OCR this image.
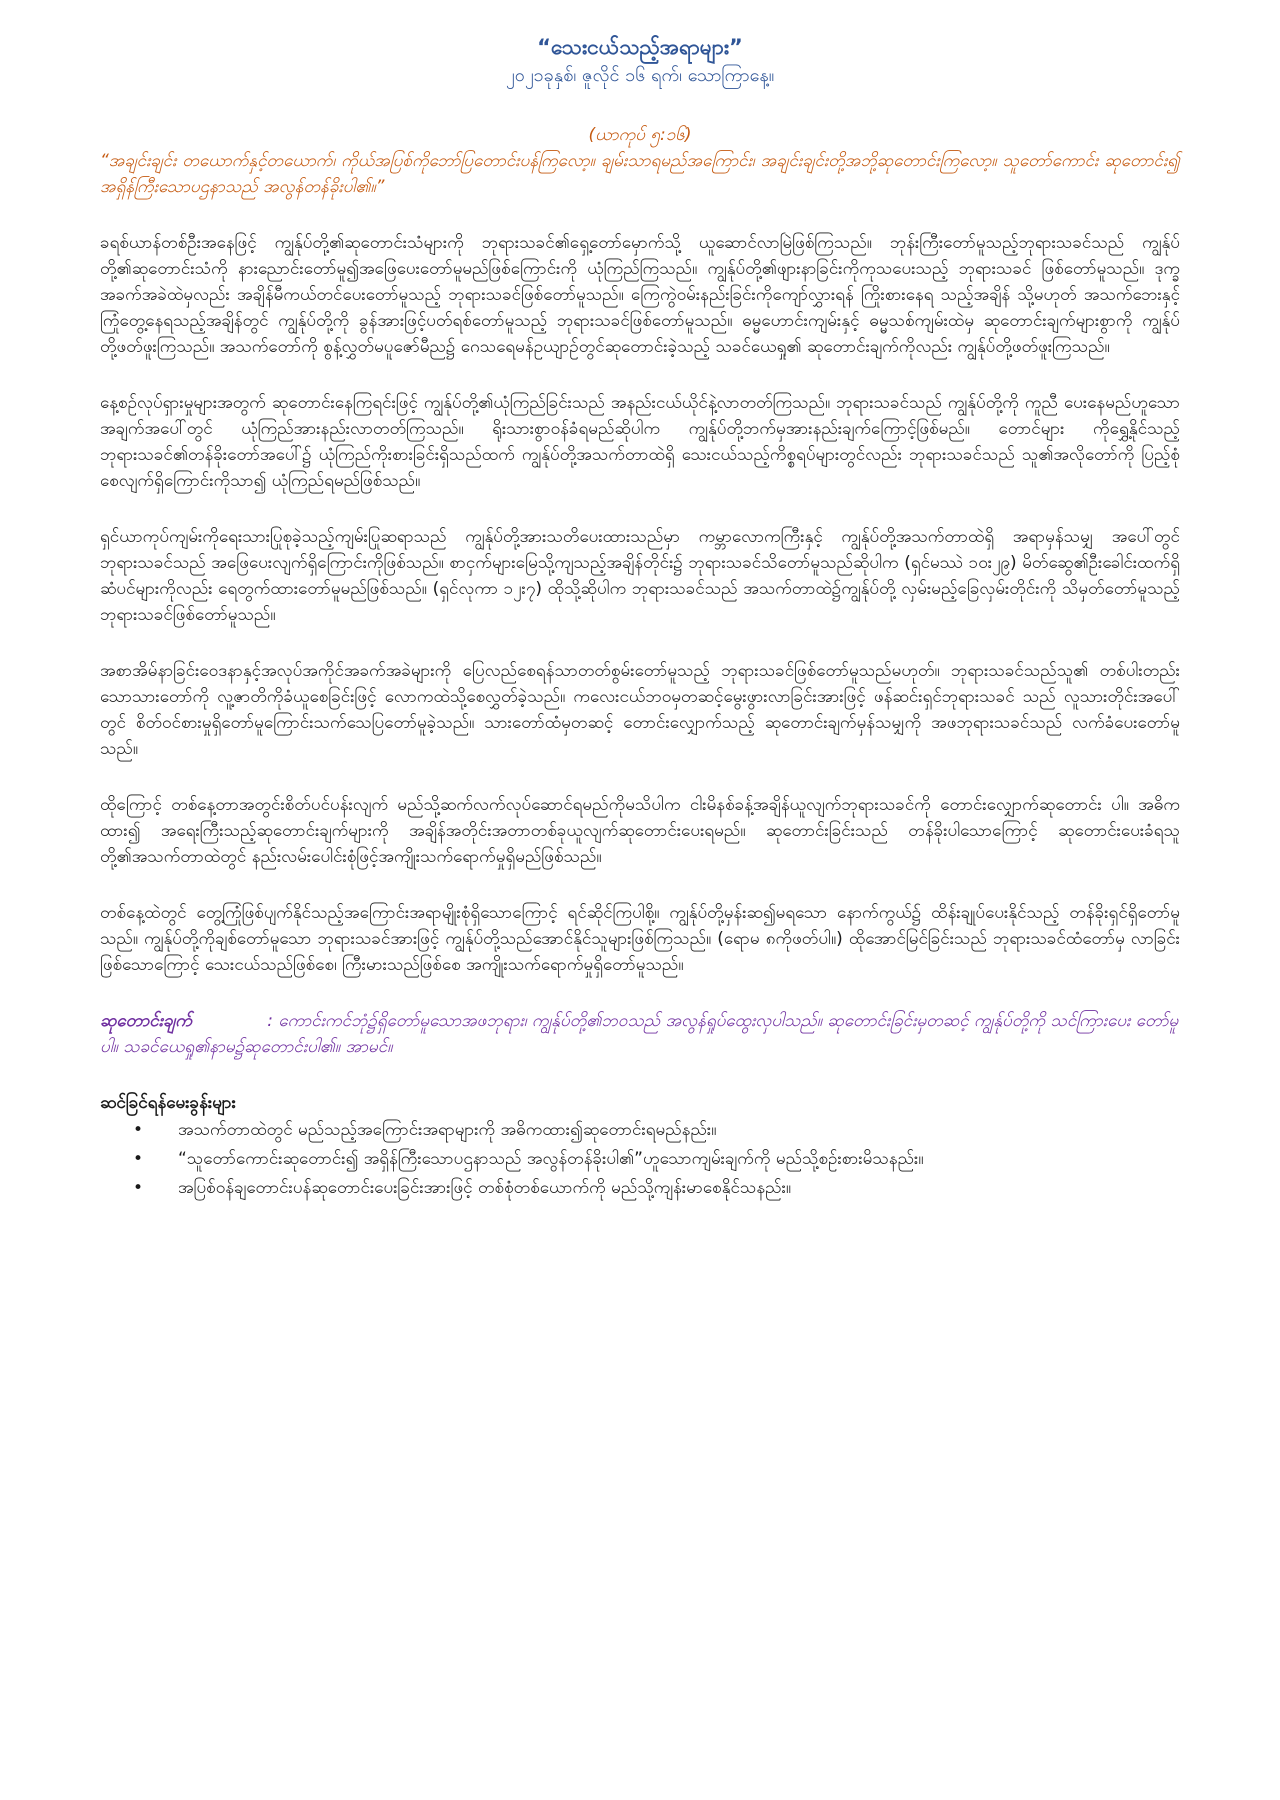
“သေးငယ်သည့်အရာများ”

၂၀၂၁ခုနှစ်၊ ဇူလိုင် ၁၆ ရက်၊ သောကြာနေ့။

(ယာကုပ် ၅:၁၆)

“အချင်းချင်း တယောက်နှင့်တယောက်၊ ကိုယ်အပြစ်ကိုဘော်ပြတောင်းပန်ကြလော့။ ချမ်းသာရမည်အကြောင်း၊ အချင်းချင်းတို့အဘို့ဆုတောင်းကြလော့။ သူတော်ကောင်း ဆုတောင်း၍ အရှိန်ကြီးသောပဌနာသည် အလွန်တန်ခိုးပါ၏။”

ခရစ်ယာန်တစ်ဦးအနေဖြင့် ကျွန်ုပ်တို့၏ဆုတောင်းသံများကို ဘုရားသခင်၏ရှေ့တော်မှောက်သို့ ယူဆောင်လာမြဲဖြစ်ကြသည်။ ဘုန်းကြီးတော်မူသည့်ဘုရားသခင်သည် ကျွန်ုပ်တို့၏ဆုတောင်းသံကို နားညောင်းတော်မူ၍အဖြေပေးတော်မူမည်ဖြစ်ကြောင်းကို ယုံကြည်ကြသည်။ ကျွန်ုပ်တို့၏ဖျားနာခြင်းကိုကုသပေးသည့် ဘုရားသခင် ဖြစ်တော်မူသည်။ ဒုက္ခအခက်အခဲထဲမှလည်း အချိန်မီကယ်တင်ပေးတော်မူသည့် ဘုရားသခင်ဖြစ်တော်မူသည်။ ကြေကွဲဝမ်းနည်းခြင်းကိုကျော်လွှားရန် ကြိုးစားနေရ သည့်အချိန် သို့မဟုတ် အသက်ဘေးနှင့်ကြုံတွေ့နေရသည့်အချိန်တွင် ကျွန်ုပ်တို့ကို ခွန်အားဖြင့်ပတ်ရစ်တော်မူသည့် ဘုရားသခင်ဖြစ်တော်မူသည်။ ဓမ္မဟောင်းကျမ်းနှင့် ဓမ္မသစ်ကျမ်းထဲမှ ဆုတောင်းချက်များစွာကို ကျွန်ုပ်တို့ဖတ်ဖူးကြသည်။ အသက်တော်ကို စွန့်လွှတ်မပူဇော်မီည၌ ဂေသရေမန်ဥယျာဉ်တွင်ဆုတောင်းခဲ့သည့် သခင်ယေရှု၏ ဆုတောင်းချက်ကိုလည်း ကျွန်ုပ်တို့ဖတ်ဖူးကြသည်။

နေ့စဉ်လုပ်ရှားမှုများအတွက် ဆုတောင်းနေကြရင်းဖြင့် ကျွန်ုပ်တို့၏ယုံကြည်ခြင်းသည် အနည်းငယ်ယိုင်နဲ့လာတတ်ကြသည်။ ဘုရားသခင်သည် ကျွန်ုပ်တို့ကို ကူညီ ပေးနေမည်ဟူသောအချက်အပေါ်တွင် ယုံကြည်အားနည်းလာတတ်ကြသည်။ ရိုးသားစွာဝန်ခံရမည်ဆိုပါက ကျွန်ုပ်တို့ဘက်မှအားနည်းချက်ကြောင့်ဖြစ်မည်။ တောင်များ ကိုရွှေ့နိုင်သည့် ဘုရားသခင်၏တန်ခိုးတော်အပေါ်၌ ယုံကြည်ကိုးစားခြင်းရှိသည်ထက် ကျွန်ုပ်တို့အသက်တာထဲရှိ သေးငယ်သည့်ကိစ္စရပ်များတွင်လည်း ဘုရားသခင်သည် သူ၏အလိုတော်ကို ပြည့်စုံစေလျက်ရှိကြောင်းကိုသာ၍ ယုံကြည်ရမည်ဖြစ်သည်။

ရှင်ယာကုပ်ကျမ်းကိုရေးသားပြုစုခဲ့သည့်ကျမ်းပြုဆရာသည် ကျွန်ုပ်တို့အားသတိပေးထားသည်မှာ ကမ္ဘာလောကကြီးနှင့် ကျွန်ုပ်တို့အသက်တာထဲရှိ အရာမှန်သမျှ အပေါ်တွင် ဘုရားသခင်သည် အဖြေပေးလျက်ရှိကြောင်းကိုဖြစ်သည်။ စာငှက်များမြေသို့ကျသည့်အချိန်တိုင်း၌ ဘုရားသခင်သိတော်မူသည်ဆိုပါက (ရှင်မဿဲ ၁၀း၂၉) မိတ်ဆွေ၏ဦးခေါင်းထက်ရှိဆံပင်များကိုလည်း ရေတွက်ထားတော်မူမည်ဖြစ်သည်။ (ရှင်လုကာ ၁၂း၇) ထိုသို့ဆိုပါက ဘုရားသခင်သည် အသက်တာထဲ၌ကျွန်ုပ်တို့ လှမ်းမည့်ခြေလှမ်းတိုင်းကို သိမှတ်တော်မူသည့်ဘုရားသခင်ဖြစ်တော်မူသည်။

အစာအိမ်နာခြင်းဝေဒနာနှင့်အလုပ်အကိုင်အခက်အခဲများကို ပြေလည်စေရန်သာတတ်စွမ်းတော်မူသည့် ဘုရားသခင်ဖြစ်တော်မူသည်မဟုတ်။ ဘုရားသခင်သည်သူ၏ တစ်ပါးတည်းသောသားတော်ကို လူ့ဇာတိကိုခံယူစေခြင်းဖြင့် လောကထဲသို့စေလွှတ်ခဲ့သည်။ ကလေးငယ်ဘဝမှတဆင့်မွေးဖွားလာခြင်းအားဖြင့် ဖန်ဆင်းရှင်ဘုရားသခင် သည် လူသားတိုင်းအပေါ်တွင် စိတ်ဝင်စားမှုရှိတော်မူကြောင်းသက်သေပြတော်မူခဲ့သည်။ သားတော်ထံမှတဆင့် တောင်းလျှောက်သည့် ဆုတောင်းချက်မှန်သမျှကို အဖဘုရားသခင်သည် လက်ခံပေးတော်မူသည်။

ထိုကြောင့် တစ်နေ့တာအတွင်းစိတ်ပင်ပန်းလျက် မည်သို့ဆက်လက်လုပ်ဆောင်ရမည်ကိုမသိပါက ငါးမိနစ်ခန့်အချိန်ယူလျက်ဘုရားသခင်ကို တောင်းလျှောက်ဆုတောင်း ပါ။ အဓိကထား၍ အရေးကြီးသည့်ဆုတောင်းချက်များကို အချိန်အတိုင်းအတာတစ်ခုယူလျက်ဆုတောင်းပေးရမည်။ ဆုတောင်းခြင်းသည် တန်ခိုးပါသောကြောင့် ဆုတောင်းပေးခံရသူတို့၏အသက်တာထဲတွင် နည်းလမ်းပေါင်းစုံဖြင့်အကျိုးသက်ရောက်မှုရှိမည်ဖြစ်သည်။

တစ်နေ့ထဲတွင် တွေ့ကြုံဖြစ်ပျက်နိုင်သည့်အကြောင်းအရာမျိုးစုံရှိသောကြောင့် ရင်ဆိုင်ကြပါစို့။ ကျွန်ုပ်တို့မှန်းဆ၍မရသော နောက်ကွယ်၌ ထိန်းချုပ်ပေးနိုင်သည့် တန်ခိုးရှင်ရှိတော်မူသည်။ ကျွန်ုပ်တို့ကိုချစ်တော်မူသော ဘုရားသခင်အားဖြင့် ကျွန်ုပ်တို့သည်အောင်နိုင်သူများဖြစ်ကြသည်။ (ရောမ ၈ကိုဖတ်ပါ။) ထိုအောင်မြင်ခြင်းသည် ဘုရားသခင်ထံတော်မှ လာခြင်းဖြစ်သောကြောင့် သေးငယ်သည်ဖြစ်စေ၊ ကြီးမားသည်ဖြစ်စေ အကျိုးသက်ရောက်မှုရှိတော်မူသည်။

ဆုတောင်းချက်	: ကောင်းကင်ဘုံ၌ရှိတော်မူသောအဖဘုရား၊ ကျွန်ုပ်တို့၏ဘဝသည် အလွန်ရှုပ်ထွေးလှပါသည်။ ဆုတောင်းခြင်းမှတဆင့် ကျွန်ုပ်တို့ကို သင်ကြားပေး တော်မူပါ။ သခင်ယေရှု၏နာမ၌ဆုတောင်းပါ၏။ အာမင်။

ဆင်ခြင်ရန်မေးခွန်းများ

• အသက်တာထဲတွင် မည်သည့်အကြောင်းအရာများကို အဓိကထား၍ဆုတောင်းရမည်နည်း။
• “သူတော်ကောင်းဆုတောင်း၍ အရှိန်ကြီးသောပဌနာသည် အလွန်တန်ခိုးပါ၏”ဟူသောကျမ်းချက်ကို မည်သို့စဉ်းစားမိသနည်း။
• အပြစ်ဝန်ချတောင်းပန်ဆုတောင်းပေးခြင်းအားဖြင့် တစ်စုံတစ်ယောက်ကို မည်သို့ကျန်းမာစေနိုင်သနည်း။
